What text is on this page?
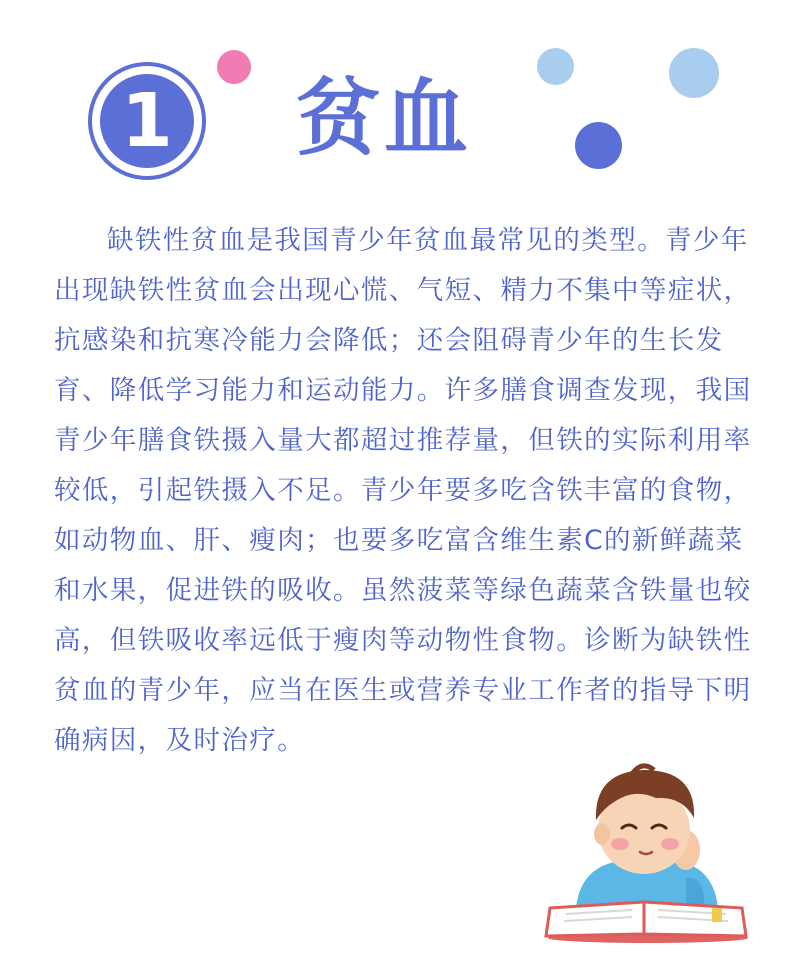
1 贫血

缺铁性贫血是我国青少年贫血最常见的类型。青少年出现缺铁性贫血会出现心慌、气短、精力不集中等症状，抗感染和抗寒冷能力会降低；还会阻碍青少年的生长发育、降低学习能力和运动能力。许多膳食调查发现，我国青少年膳食铁摄入量大都超过推荐量，但铁的实际利用率较低，引起铁摄入不足。青少年要多吃含铁丰富的食物，如动物血、肝、瘦肉；也要多吃富含维生素C的新鲜蔬菜和水果，促进铁的吸收。虽然菠菜等绿色蔬菜含铁量也较高，但铁吸收率远低于瘦肉等动物性食物。诊断为缺铁性贫血的青少年，应当在医生或营养专业工作者的指导下明确病因，及时治疗。
